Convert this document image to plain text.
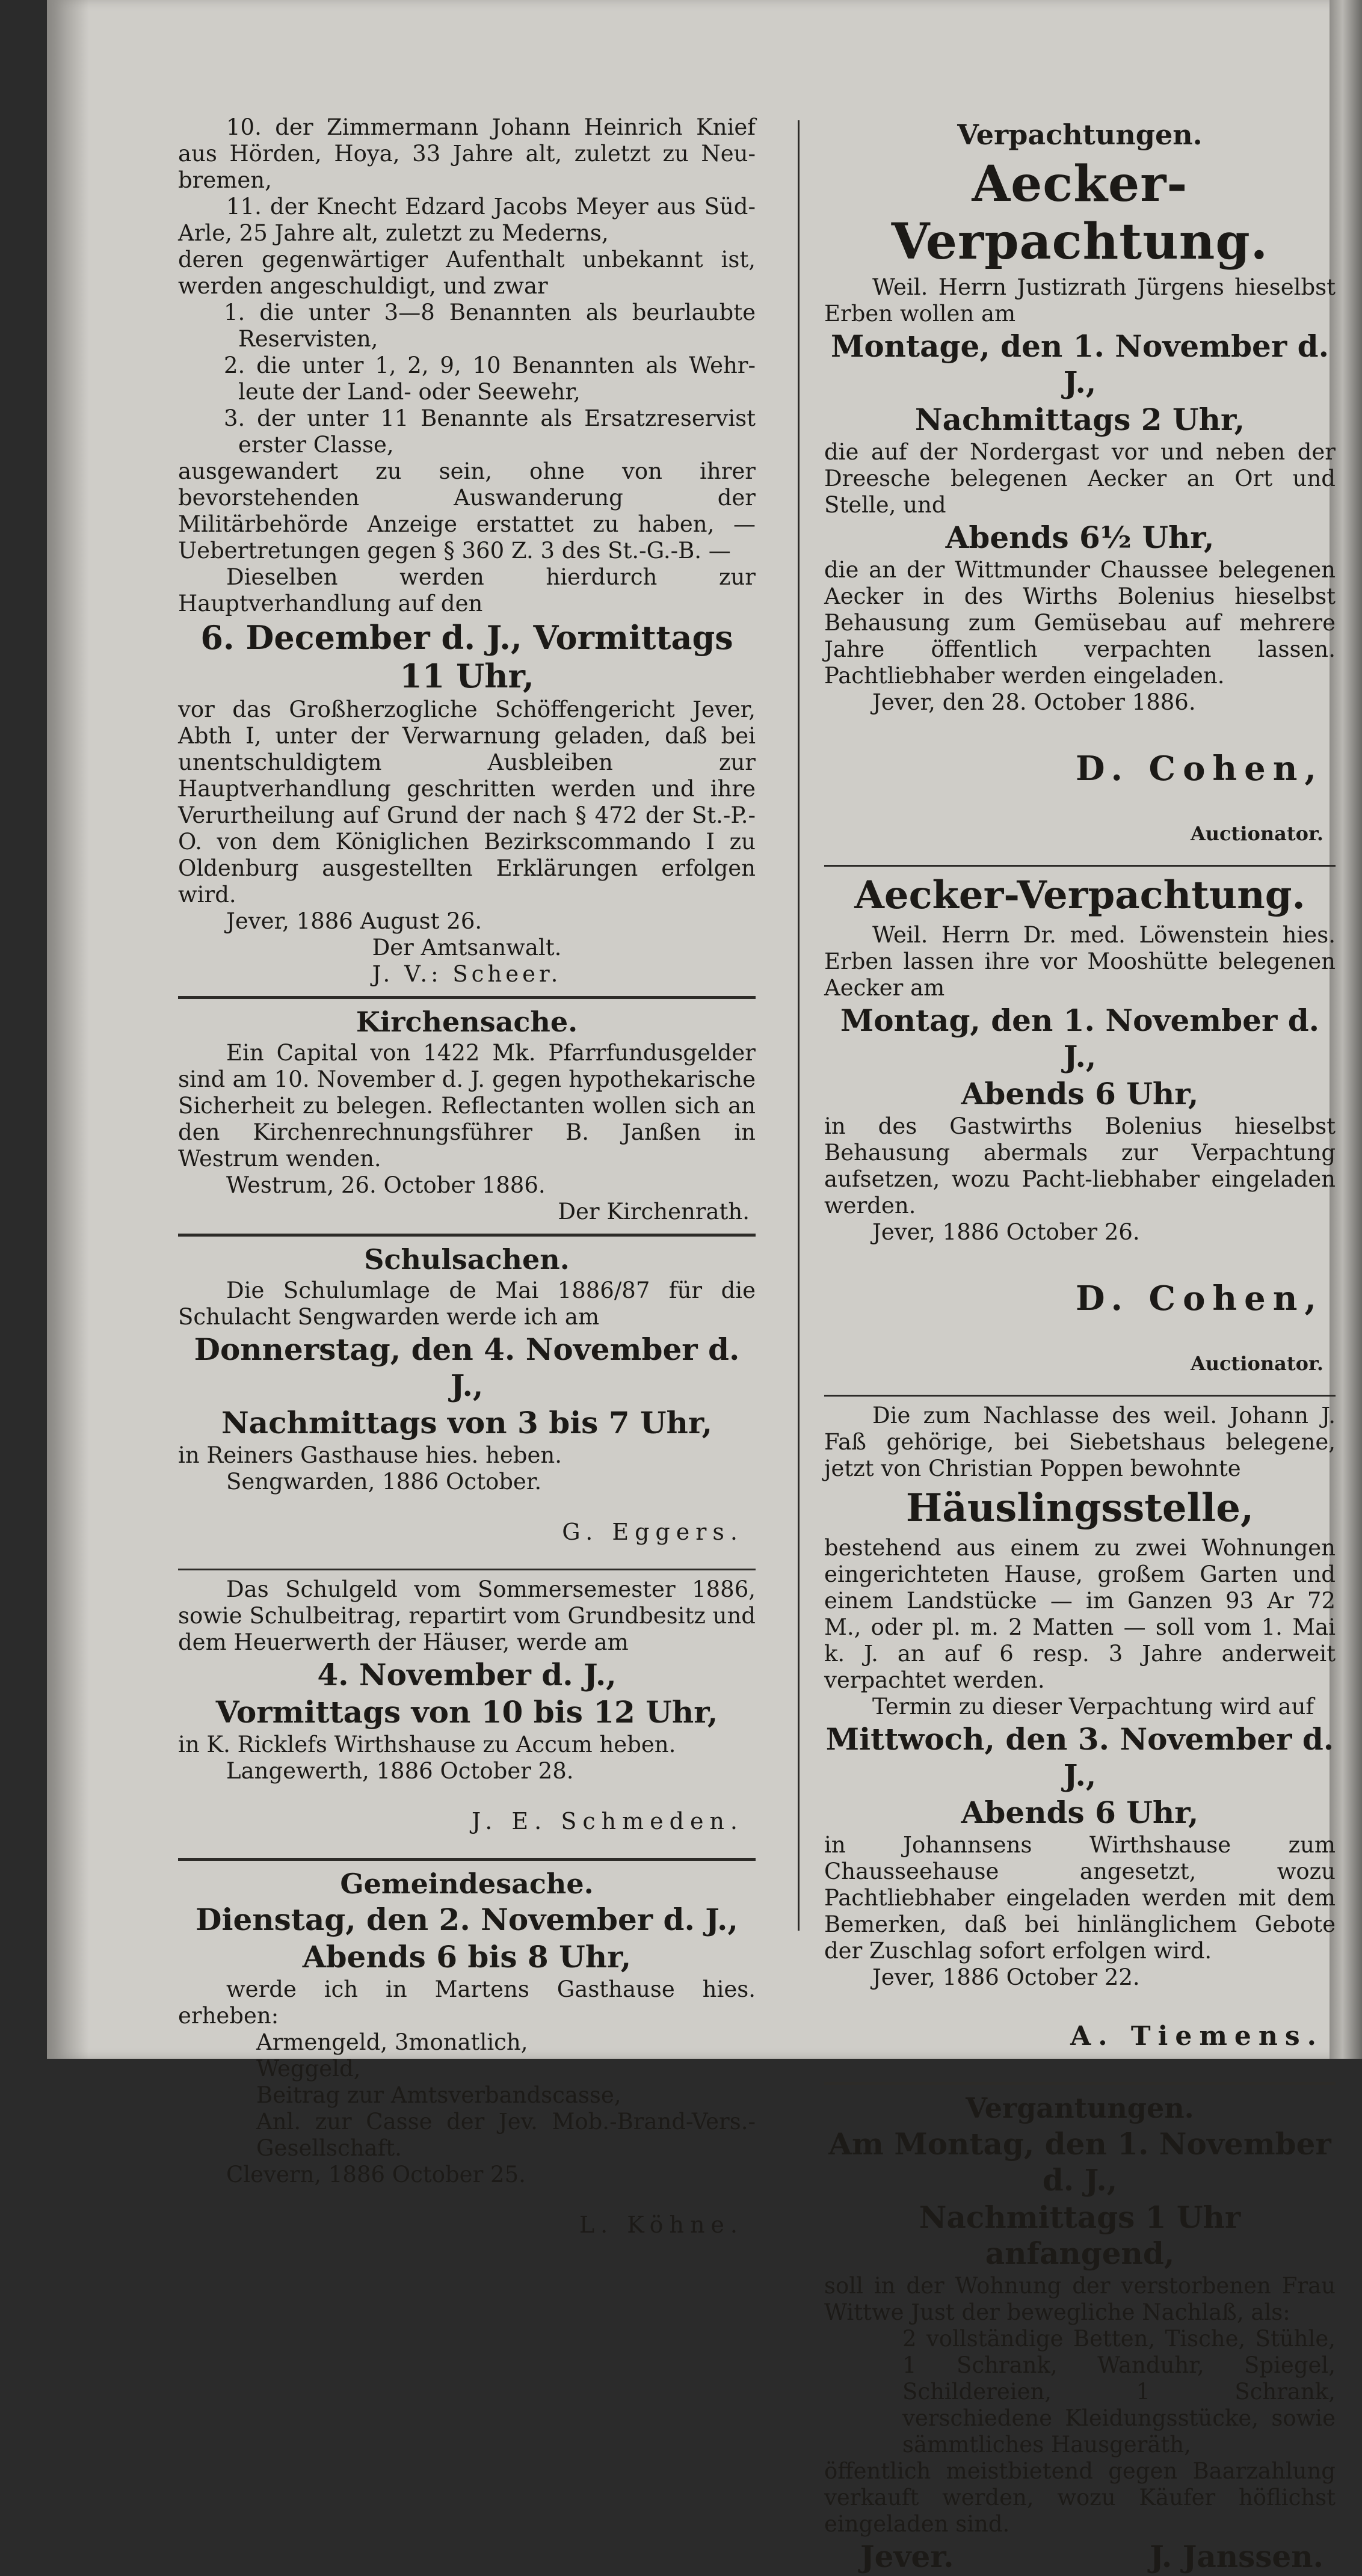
10. der Zimmermann Johann Heinrich Knief aus Hörden, Hoya, 33 Jahre alt, zuletzt zu Neu-bremen,

11. der Knecht Edzard Jacobs Meyer aus Süd-Arle, 25 Jahre alt, zuletzt zu Mederns,

deren gegenwärtiger Aufenthalt unbekannt ist, werden angeschuldigt, und zwar

1. die unter 3—8 Benannten als beurlaubte Reservisten,

2. die unter 1, 2, 9, 10 Benannten als Wehr-leute der Land- oder Seewehr,

3. der unter 11 Benannte als Ersatzreservist erster Classe,

ausgewandert zu sein, ohne von ihrer bevorstehenden Auswanderung der Militärbehörde Anzeige erstattet zu haben, — Uebertretungen gegen § 360 Z. 3 des St.-G.-B. —

Dieselben werden hierdurch zur Hauptverhandlung auf den

6. December d. J., Vormittags 11 Uhr,

vor das Großherzogliche Schöffengericht Jever, Abth I, unter der Verwarnung geladen, daß bei unentschuldigtem Ausbleiben zur Hauptverhandlung geschritten werden und ihre Verurtheilung auf Grund der nach § 472 der St.-P.-O. von dem Königlichen Bezirkscommando I zu Oldenburg ausgestellten Erklärungen erfolgen wird.

Jever, 1886 August 26.

Der Amtsanwalt.

J. V.: Scheer.

Kirchensache.

Ein Capital von 1422 Mk. Pfarrfundusgelder sind am 10. November d. J. gegen hypothekarische Sicherheit zu belegen. Reflectanten wollen sich an den Kirchenrechnungsführer B. Janßen in Westrum wenden.

Westrum, 26. October 1886.

Der Kirchenrath.

Schulsachen.

Die Schulumlage de Mai 1886/87 für die Schulacht Sengwarden werde ich am

Donnerstag, den 4. November d. J.,
Nachmittags von 3 bis 7 Uhr,

in Reiners Gasthause hies. heben.

Sengwarden, 1886 October.

G. Eggers.

Das Schulgeld vom Sommersemester 1886, sowie Schulbeitrag, repartirt vom Grundbesitz und dem Heuerwerth der Häuser, werde am

4. November d. J.,
Vormittags von 10 bis 12 Uhr,

in K. Ricklefs Wirthshause zu Accum heben.

Langewerth, 1886 October 28.

J. E. Schmeden.

Gemeindesache.
Dienstag, den 2. November d. J.,
Abends 6 bis 8 Uhr,

werde ich in Martens Gasthause hies. erheben:

Armengeld, 3monatlich,

Weggeld,

Beitrag zur Amtsverbandscasse,

Anl. zur Casse der Jev. Mob.-Brand-Vers.-Gesellschaft.

Clevern, 1886 October 25.

L. Köhne.

Verpachtungen.
Aecker-Verpachtung.

Weil. Herrn Justizrath Jürgens hieselbst Erben wollen am

Montage, den 1. November d. J.,
Nachmittags 2 Uhr,

die auf der Nordergast vor und neben der Dreesche belegenen Aecker an Ort und Stelle, und

Abends 6½ Uhr,

die an der Wittmunder Chaussee belegenen Aecker in des Wirths Bolenius hieselbst Behausung zum Gemüsebau auf mehrere Jahre öffentlich verpachten lassen. Pachtliebhaber werden eingeladen.

Jever, den 28. October 1886.

D. Cohen,

Auctionator.

Aecker-Verpachtung.

Weil. Herrn Dr. med. Löwenstein hies. Erben lassen ihre vor Mooshütte belegenen Aecker am

Montag, den 1. November d. J.,
Abends 6 Uhr,

in des Gastwirths Bolenius hieselbst Behausung abermals zur Verpachtung aufsetzen, wozu Pacht-liebhaber eingeladen werden.

Jever, 1886 October 26.

D. Cohen,

Auctionator.

Die zum Nachlasse des weil. Johann J. Faß gehörige, bei Siebetshaus belegene, jetzt von Christian Poppen bewohnte

Häuslingsstelle,

bestehend aus einem zu zwei Wohnungen eingerichteten Hause, großem Garten und einem Landstücke — im Ganzen 93 Ar 72 M., oder pl. m. 2 Matten — soll vom 1. Mai k. J. an auf 6 resp. 3 Jahre anderweit verpachtet werden.

Termin zu dieser Verpachtung wird auf

Mittwoch, den 3. November d. J.,
Abends 6 Uhr,

in Johannsens Wirthshause zum Chausseehause angesetzt, wozu Pachtliebhaber eingeladen werden mit dem Bemerken, daß bei hinlänglichem Gebote der Zuschlag sofort erfolgen wird.

Jever, 1886 October 22.

A. Tiemens.

Vergantungen.
Am Montag, den 1. November d. J.,
Nachmittags 1 Uhr anfangend,

soll in der Wohnung der verstorbenen Frau Wittwe Just der bewegliche Nachlaß, als:

2 vollständige Betten, Tische, Stühle, 1 Schrank, Wanduhr, Spiegel, Schildereien, 1 Schrank, verschiedene Kleidungsstücke, sowie sämmtliches Hausgeräth,

öffentlich meistbietend gegen Baarzahlung verkauft werden, wozu Käufer höflichst eingeladen sind.

Jever.	J. Janssen.
